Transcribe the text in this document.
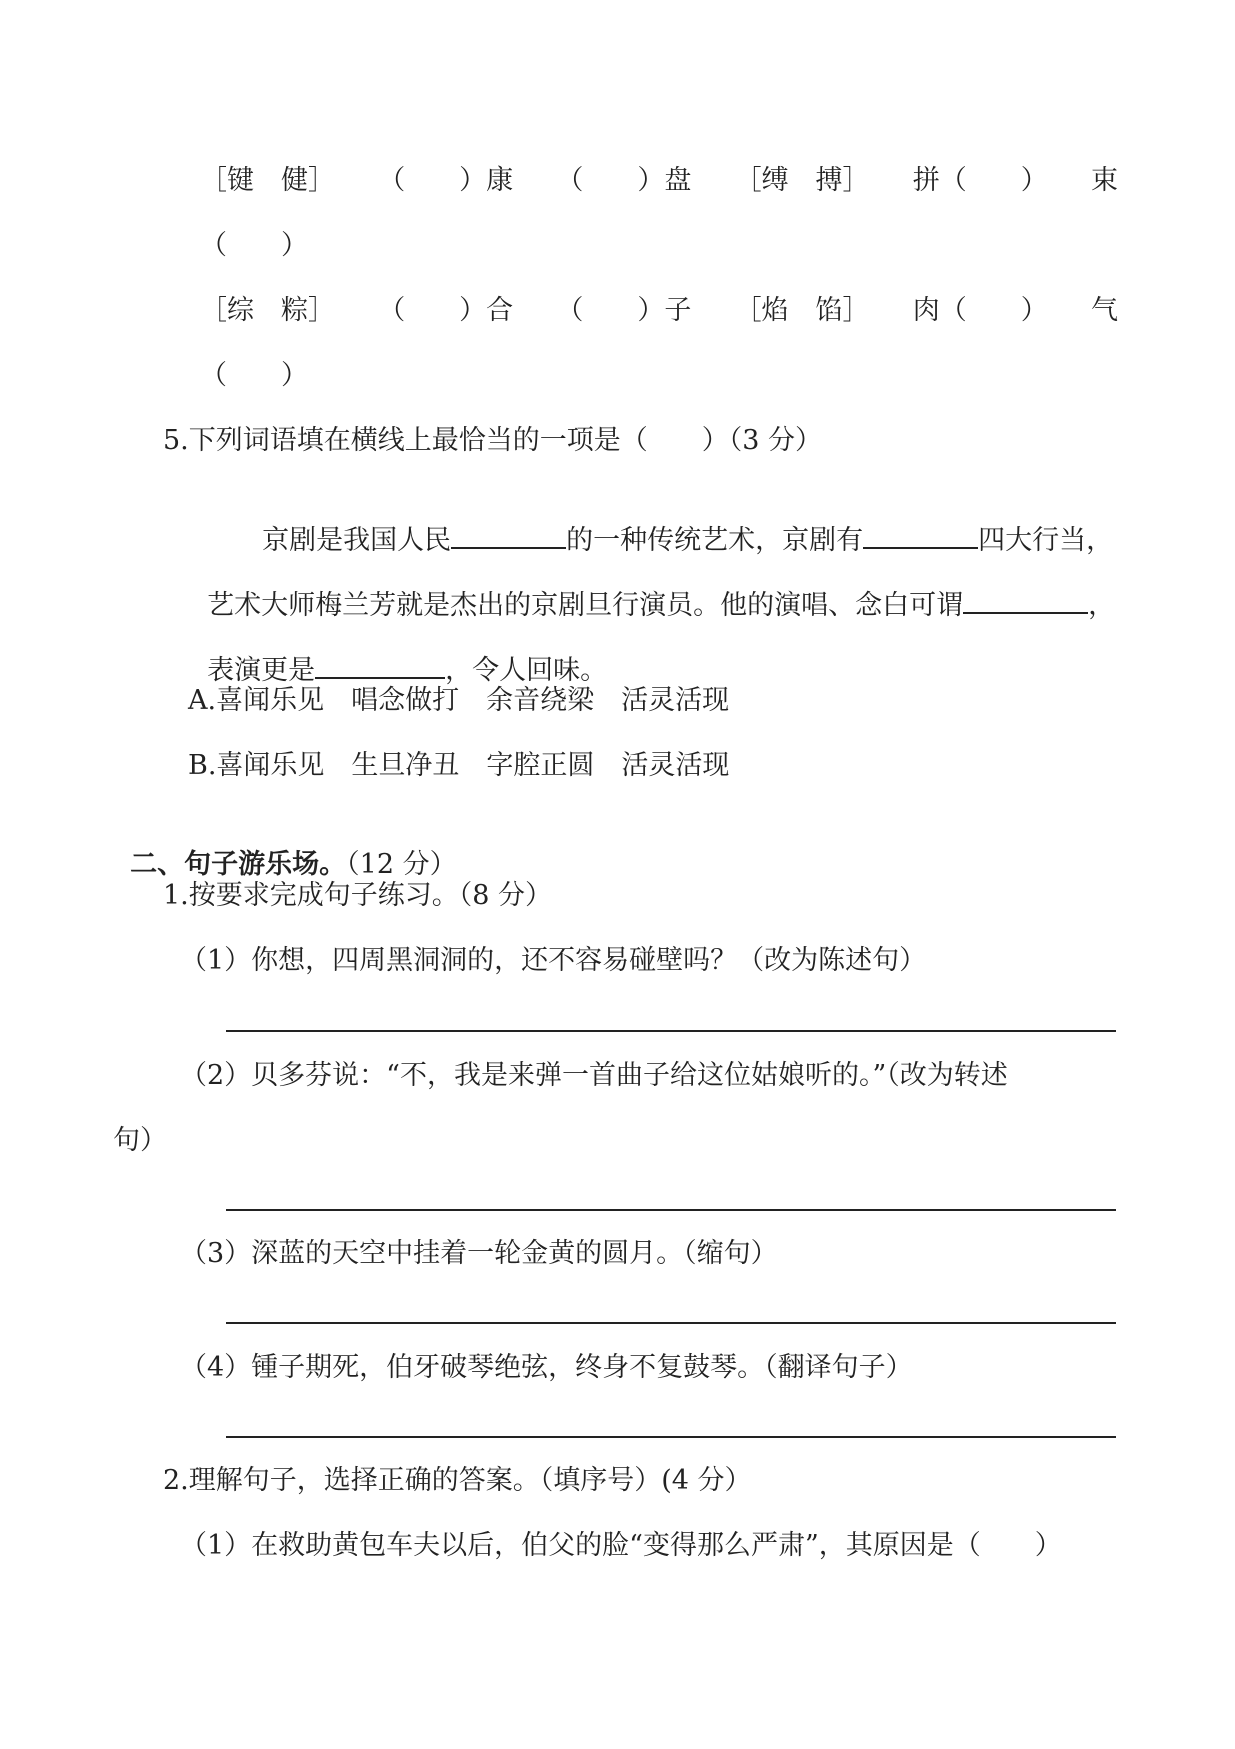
［键　健］ （　　）康 （　　）盘 ［缚　搏］ 拼（　　） 束
（　　）
［综　粽］ （　　）合 （　　）子 ［焰　馅］ 肉（　　） 气
（　　）
5.下列词语填在横线上最恰当的一项是（　　）（3 分）

京剧是我国人民	的一种传统艺术，京剧有	四大行当，

艺术大师梅兰芳就是杰出的京剧旦行演员。他的演唱、念白可谓	，

表演更是	，令人回味。

A.喜闻乐见　唱念做打　余音绕梁　活灵活现
B.喜闻乐见　生旦净丑　字腔正圆　活灵活现

二、句子游乐场。（12 分）

1.按要求完成句子练习。（8 分）
（1）你想，四周黑洞洞的，还不容易碰壁吗？（改为陈述句）
（2）贝多芬说：“不，我是来弹一首曲子给这位姑娘听的。”（改为转述
句）
（3）深蓝的天空中挂着一轮金黄的圆月。（缩句）
（4）锺子期死，伯牙破琴绝弦，终身不复鼓琴。（翻译句子）
2.理解句子，选择正确的答案。（填序号）(4 分）
（1）在救助黄包车夫以后，伯父的脸“变得那么严肃”，其原因是（　　）
